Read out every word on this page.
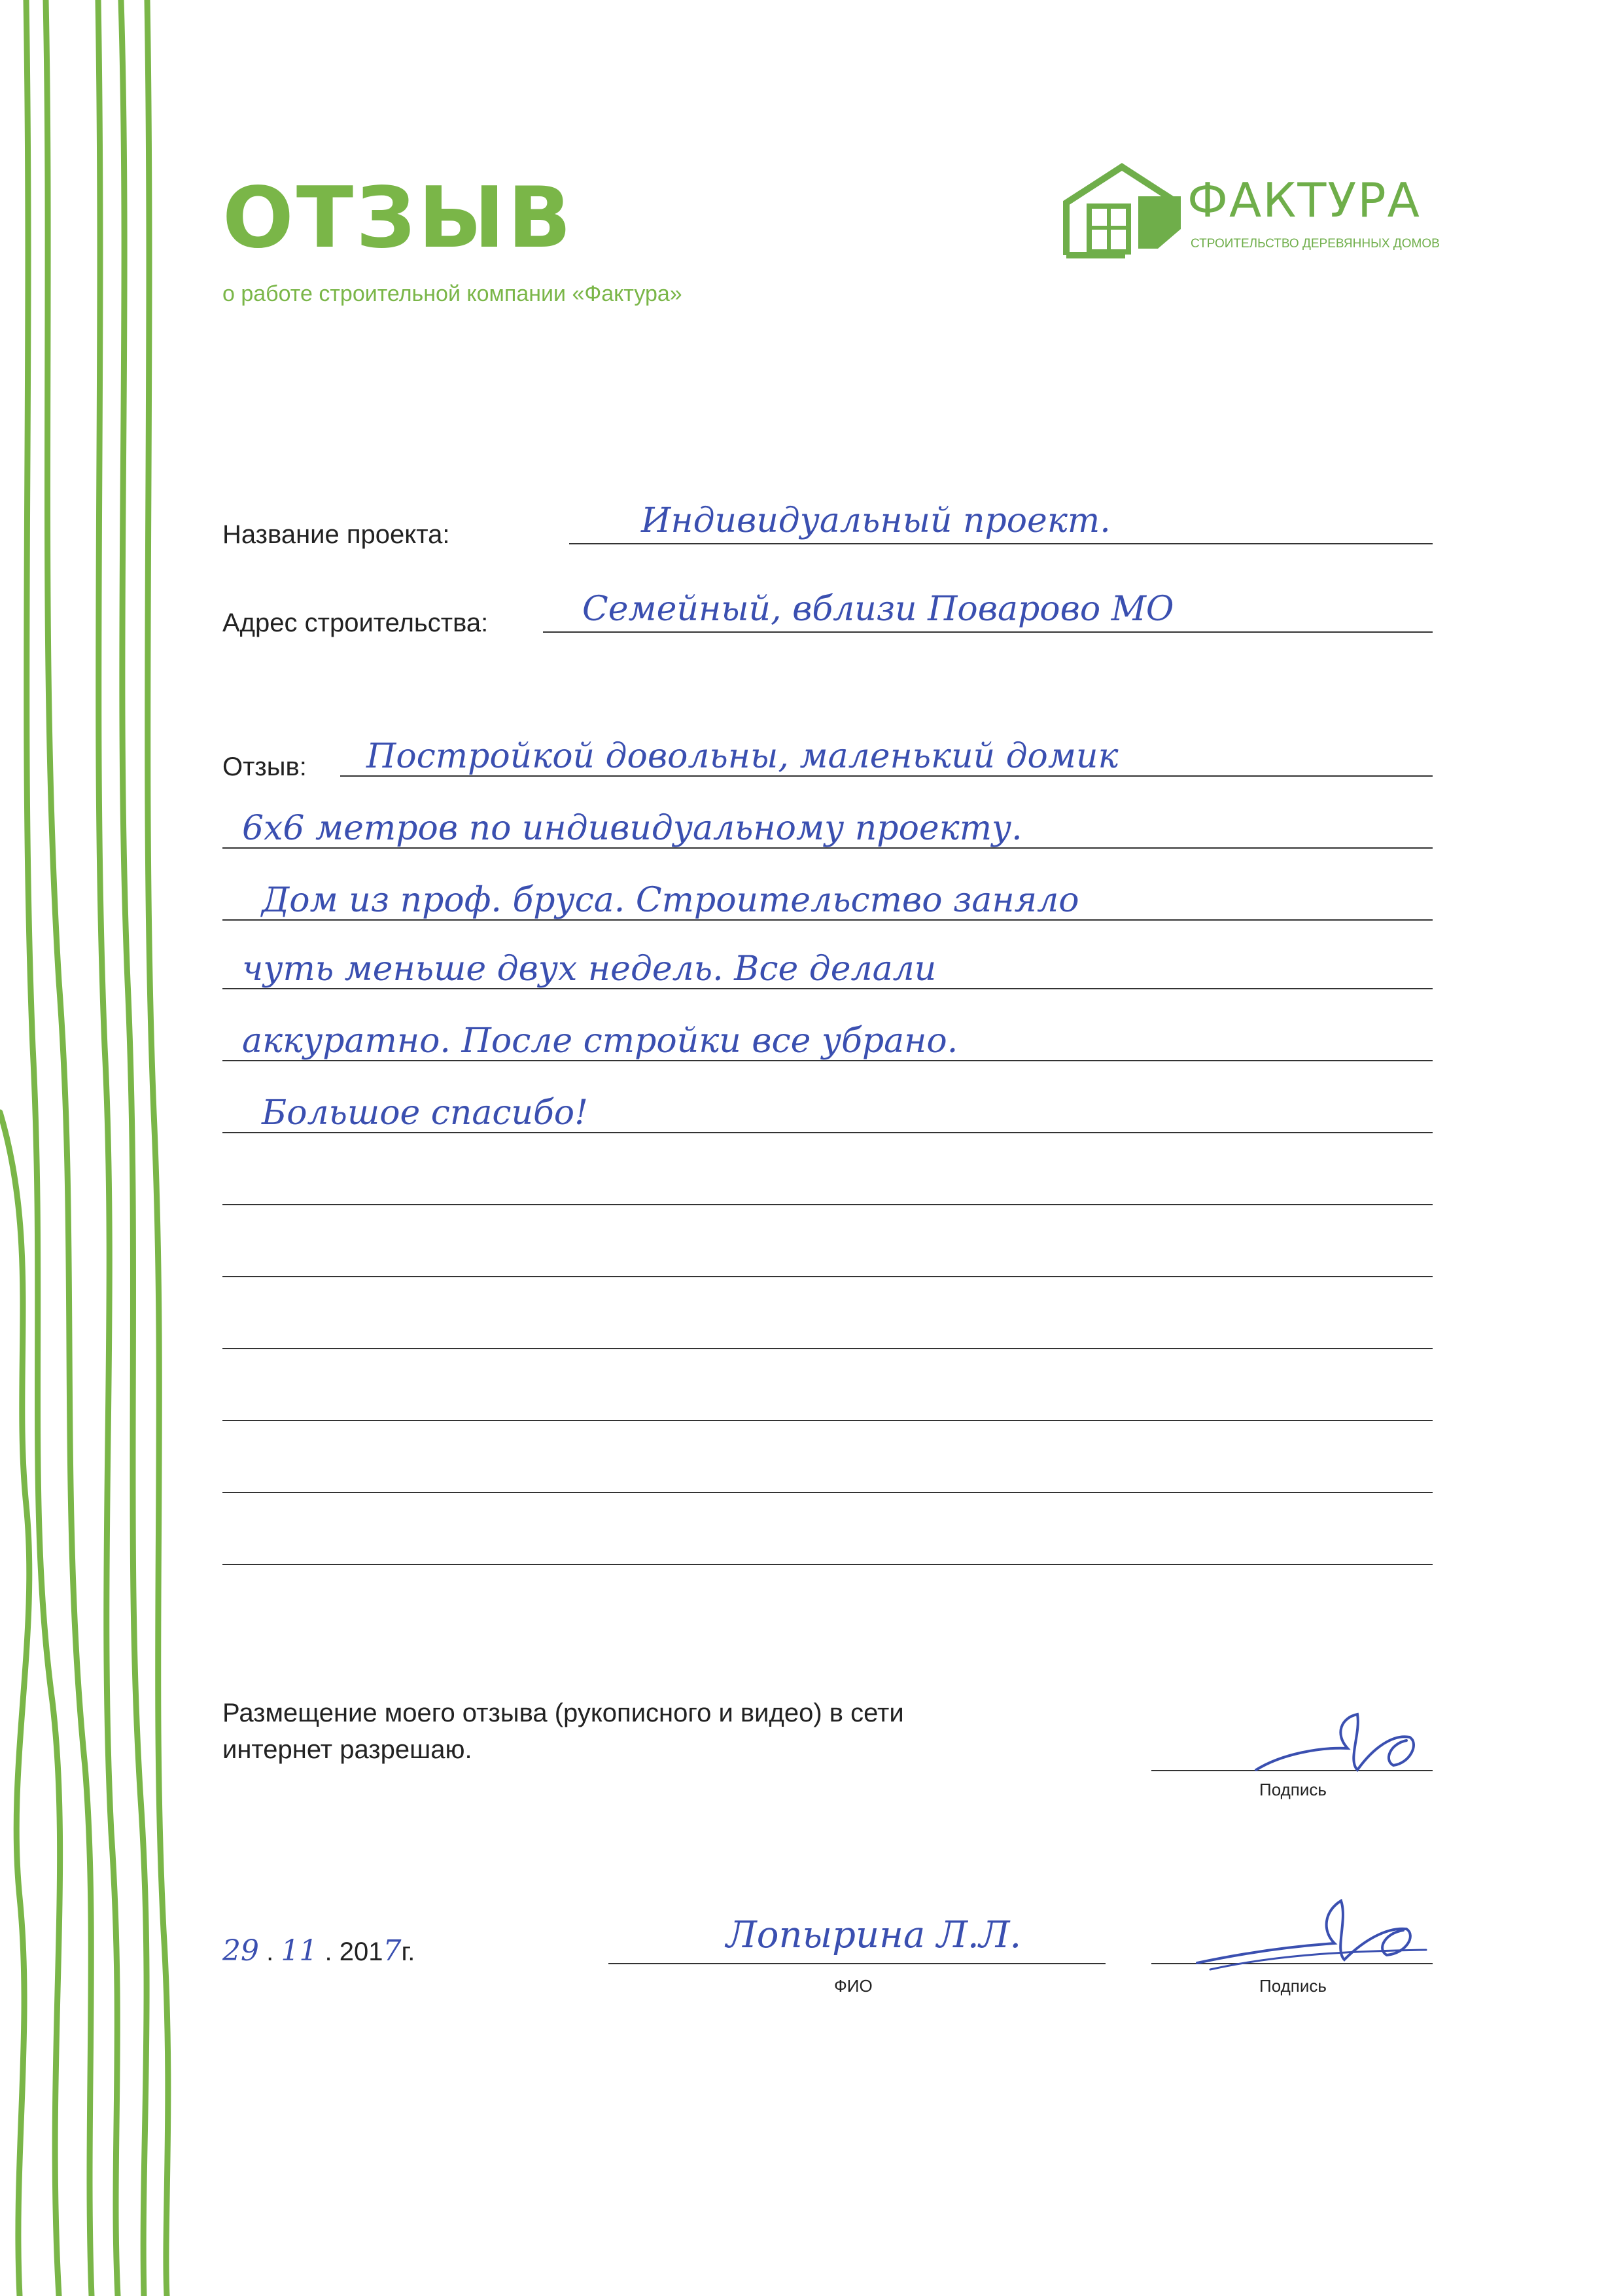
ОТЗЫВ
о работе строительной компании «Фактура»
ФАКТУРА
СТРОИТЕЛЬСТВО ДЕРЕВЯННЫХ ДОМОВ
Название проекта:	Индивидуальный проект.
Адрес строительства:	Семейный, вблизи Поварово МО
Отзыв: Постройкой довольны, маленький домик
6х6 метров по индивидуальному проекту.
Дом из проф. бруса. Строительство заняло
чуть меньше двух недель. Все делали
аккуратно. После стройки все убрано.
Большое спасибо!
Размещение моего отзыва (рукописного и видео) в сети интернет разрешаю.
Подпись
29 . 11 . 2017г.	Лопырина Л.Л.
ФИО	Подпись
